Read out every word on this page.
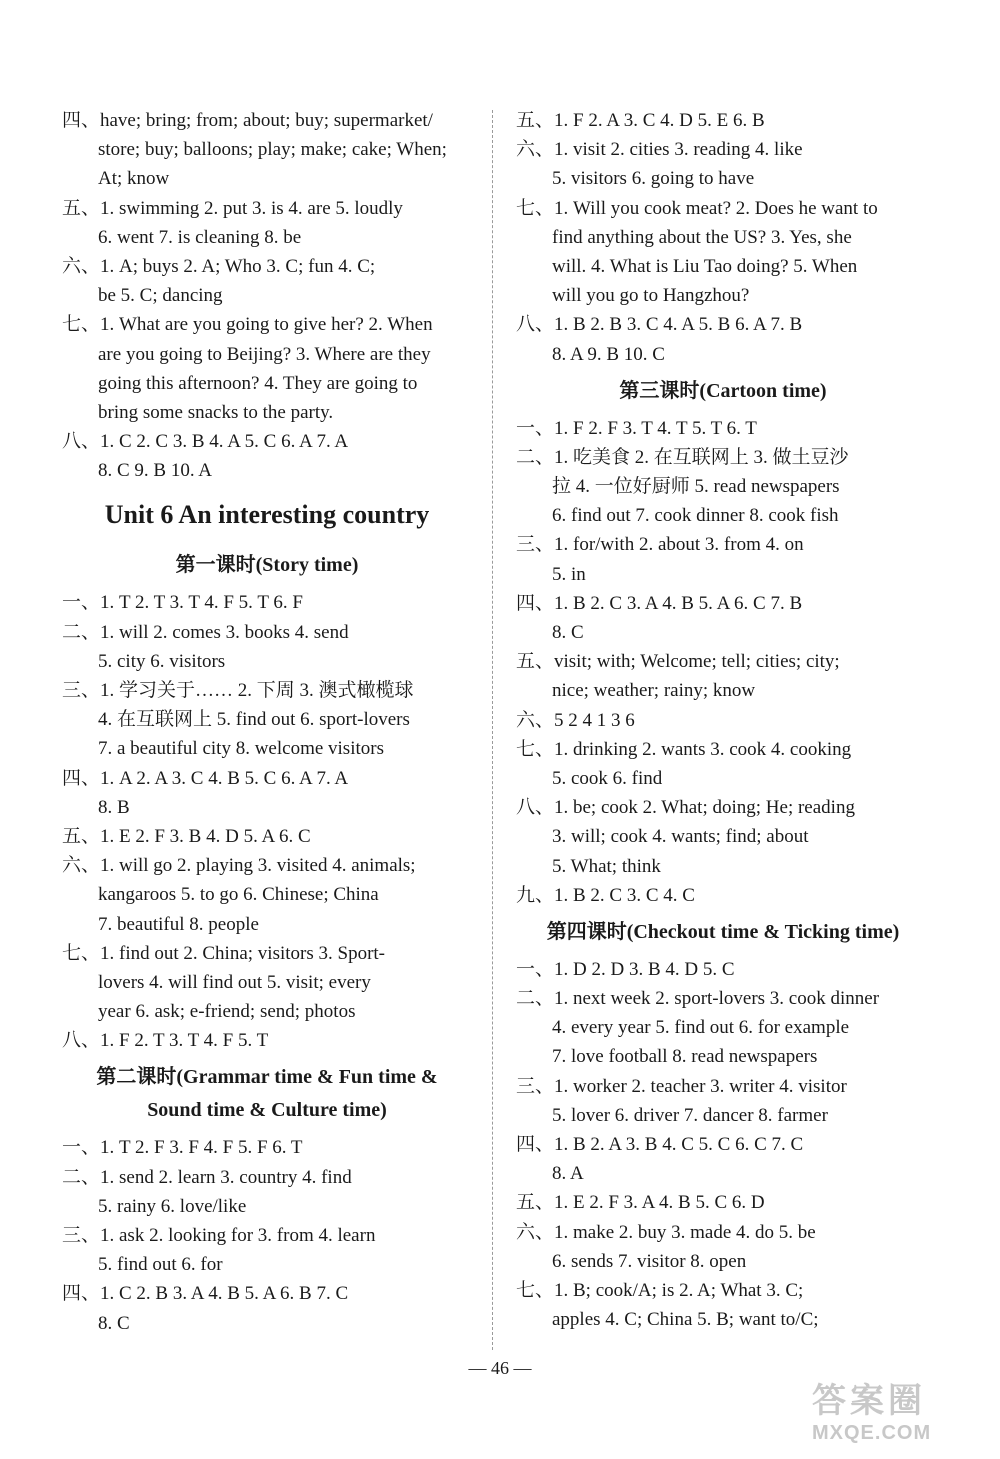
四、have; bring; from; about; buy; supermarket/
store; buy; balloons; play; make; cake; When;
At; know
五、1. swimming 2. put 3. is 4. are 5. loudly
6. went 7. is cleaning 8. be
六、1. A; buys 2. A; Who 3. C; fun 4. C;
be 5. C; dancing
七、1. What are you going to give her? 2. When
are you going to Beijing? 3. Where are they
going this afternoon? 4. They are going to
bring some snacks to the party.
八、1. C 2. C 3. B 4. A 5. C 6. A 7. A
8. C 9. B 10. A
Unit 6 An interesting country
第一课时(Story time)
一、1. T 2. T 3. T 4. F 5. T 6. F
二、1. will 2. comes 3. books 4. send
5. city 6. visitors
三、1. 学习关于…… 2. 下周 3. 澳式橄榄球
4. 在互联网上 5. find out 6. sport-lovers
7. a beautiful city 8. welcome visitors
四、1. A 2. A 3. C 4. B 5. C 6. A 7. A
8. B
五、1. E 2. F 3. B 4. D 5. A 6. C
六、1. will go 2. playing 3. visited 4. animals;
kangaroos 5. to go 6. Chinese; China
7. beautiful 8. people
七、1. find out 2. China; visitors 3. Sport-
lovers 4. will find out 5. visit; every
year 6. ask; e-friend; send; photos
八、1. F 2. T 3. T 4. F 5. T
第二课时(Grammar time & Fun time &
Sound time & Culture time)
一、1. T 2. F 3. F 4. F 5. F 6. T
二、1. send 2. learn 3. country 4. find
5. rainy 6. love/like
三、1. ask 2. looking for 3. from 4. learn
5. find out 6. for
四、1. C 2. B 3. A 4. B 5. A 6. B 7. C
8. C
五、1. F 2. A 3. C 4. D 5. E 6. B
六、1. visit 2. cities 3. reading 4. like
5. visitors 6. going to have
七、1. Will you cook meat? 2. Does he want to
find anything about the US? 3. Yes, she
will. 4. What is Liu Tao doing? 5. When
will you go to Hangzhou?
八、1. B 2. B 3. C 4. A 5. B 6. A 7. B
8. A 9. B 10. C
第三课时(Cartoon time)
一、1. F 2. F 3. T 4. T 5. T 6. T
二、1. 吃美食 2. 在互联网上 3. 做土豆沙
拉 4. 一位好厨师 5. read newspapers
6. find out 7. cook dinner 8. cook fish
三、1. for/with 2. about 3. from 4. on
5. in
四、1. B 2. C 3. A 4. B 5. A 6. C 7. B
8. C
五、visit; with; Welcome; tell; cities; city;
nice; weather; rainy; know
六、5 2 4 1 3 6
七、1. drinking 2. wants 3. cook 4. cooking
5. cook 6. find
八、1. be; cook 2. What; doing; He; reading
3. will; cook 4. wants; find; about
5. What; think
九、1. B 2. C 3. C 4. C
第四课时(Checkout time & Ticking time)
一、1. D 2. D 3. B 4. D 5. C
二、1. next week 2. sport-lovers 3. cook dinner
4. every year 5. find out 6. for example
7. love football 8. read newspapers
三、1. worker 2. teacher 3. writer 4. visitor
5. lover 6. driver 7. dancer 8. farmer
四、1. B 2. A 3. B 4. C 5. C 6. C 7. C
8. A
五、1. E 2. F 3. A 4. B 5. C 6. D
六、1. make 2. buy 3. made 4. do 5. be
6. sends 7. visitor 8. open
七、1. B; cook/A; is 2. A; What 3. C;
apples 4. C; China 5. B; want to/C;
— 46 —
答案圈
MXQE.COM
